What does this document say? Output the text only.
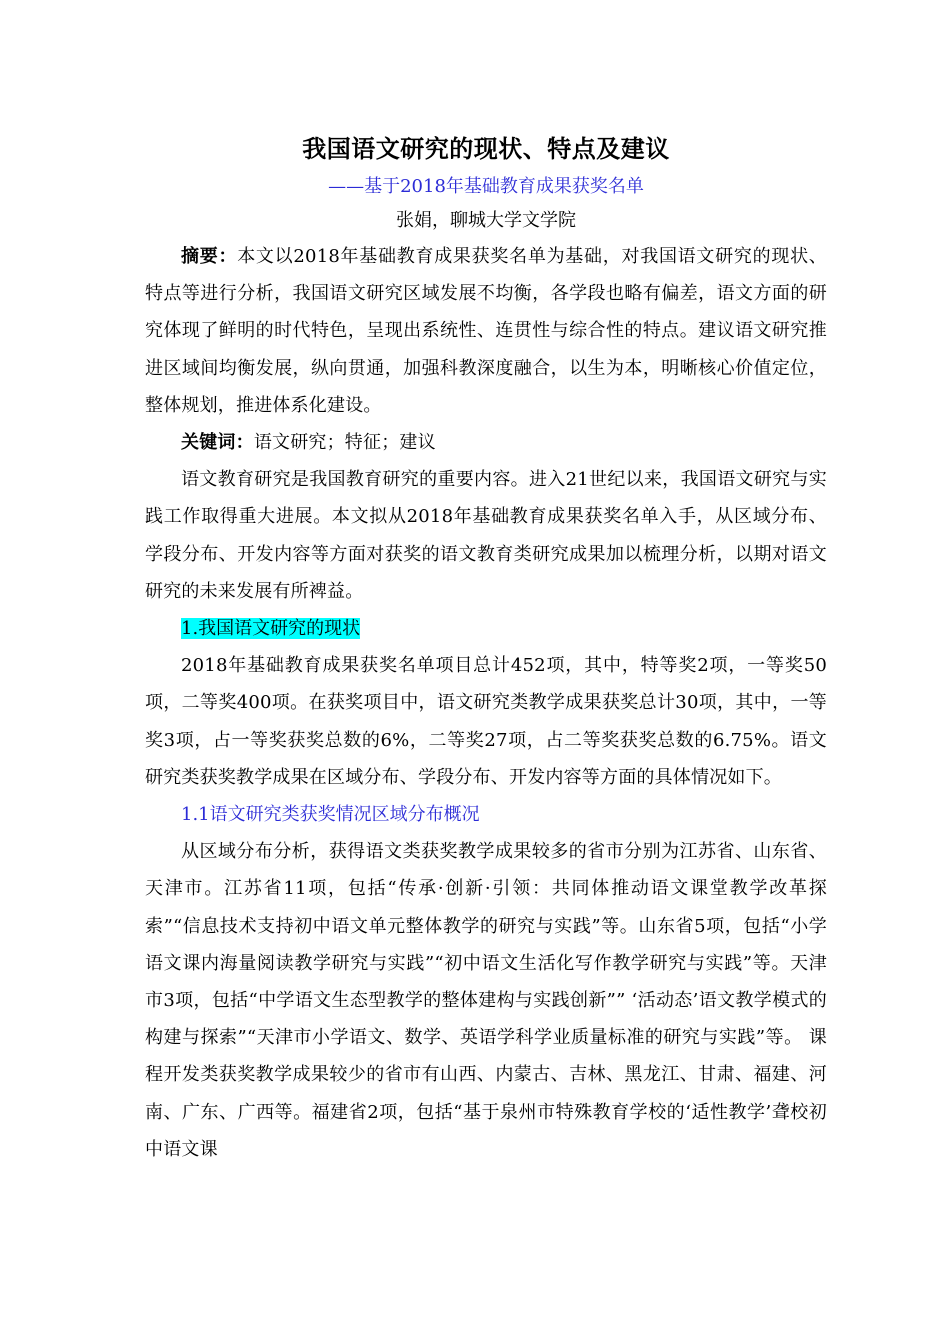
我国语文研究的现状、特点及建议

——基于2018年基础教育成果获奖名单

张娟，聊城大学文学院

摘要：本文以2018年基础教育成果获奖名单为基础，对我国语文研究的现状、特点等进行分析，我国语文研究区域发展不均衡，各学段也略有偏差，语文方面的研究体现了鲜明的时代特色，呈现出系统性、连贯性与综合性的特点。建议语文研究推进区域间均衡发展，纵向贯通，加强科教深度融合，以生为本，明晰核心价值定位，整体规划，推进体系化建设。

关键词：语文研究；特征；建议

语文教育研究是我国教育研究的重要内容。进入21世纪以来，我国语文研究与实践工作取得重大进展。本文拟从2018年基础教育成果获奖名单入手，从区域分布、学段分布、开发内容等方面对获奖的语文教育类研究成果加以梳理分析，以期对语文研究的未来发展有所裨益。

1.我国语文研究的现状

2018年基础教育成果获奖名单项目总计452项，其中，特等奖2项，一等奖50项，二等奖400项。在获奖项目中，语文研究类教学成果获奖总计30项，其中，一等奖3项，占一等奖获奖总数的6%，二等奖27项，占二等奖获奖总数的6.75%。语文研究类获奖教学成果在区域分布、学段分布、开发内容等方面的具体情况如下。

1.1语文研究类获奖情况区域分布概况

从区域分布分析，获得语文类获奖教学成果较多的省市分别为江苏省、山东省、天津市。江苏省11项，包括“传承·创新·引领：共同体推动语文课堂教学改革探索”“信息技术支持初中语文单元整体教学的研究与实践”等。山东省5项，包括“小学语文课内海量阅读教学研究与实践”“初中语文生活化写作教学研究与实践”等。天津市3项，包括“中学语文生态型教学的整体建构与实践创新”” ‘活动态’语文教学模式的构建与探索”“天津市小学语文、数学、英语学科学业质量标准的研究与实践”等。 课程开发类获奖教学成果较少的省市有山西、内蒙古、吉林、黑龙江、甘肃、福建、河南、广东、广西等。福建省2项，包括“基于泉州市特殊教育学校的‘适性教学’聋校初中语文课
